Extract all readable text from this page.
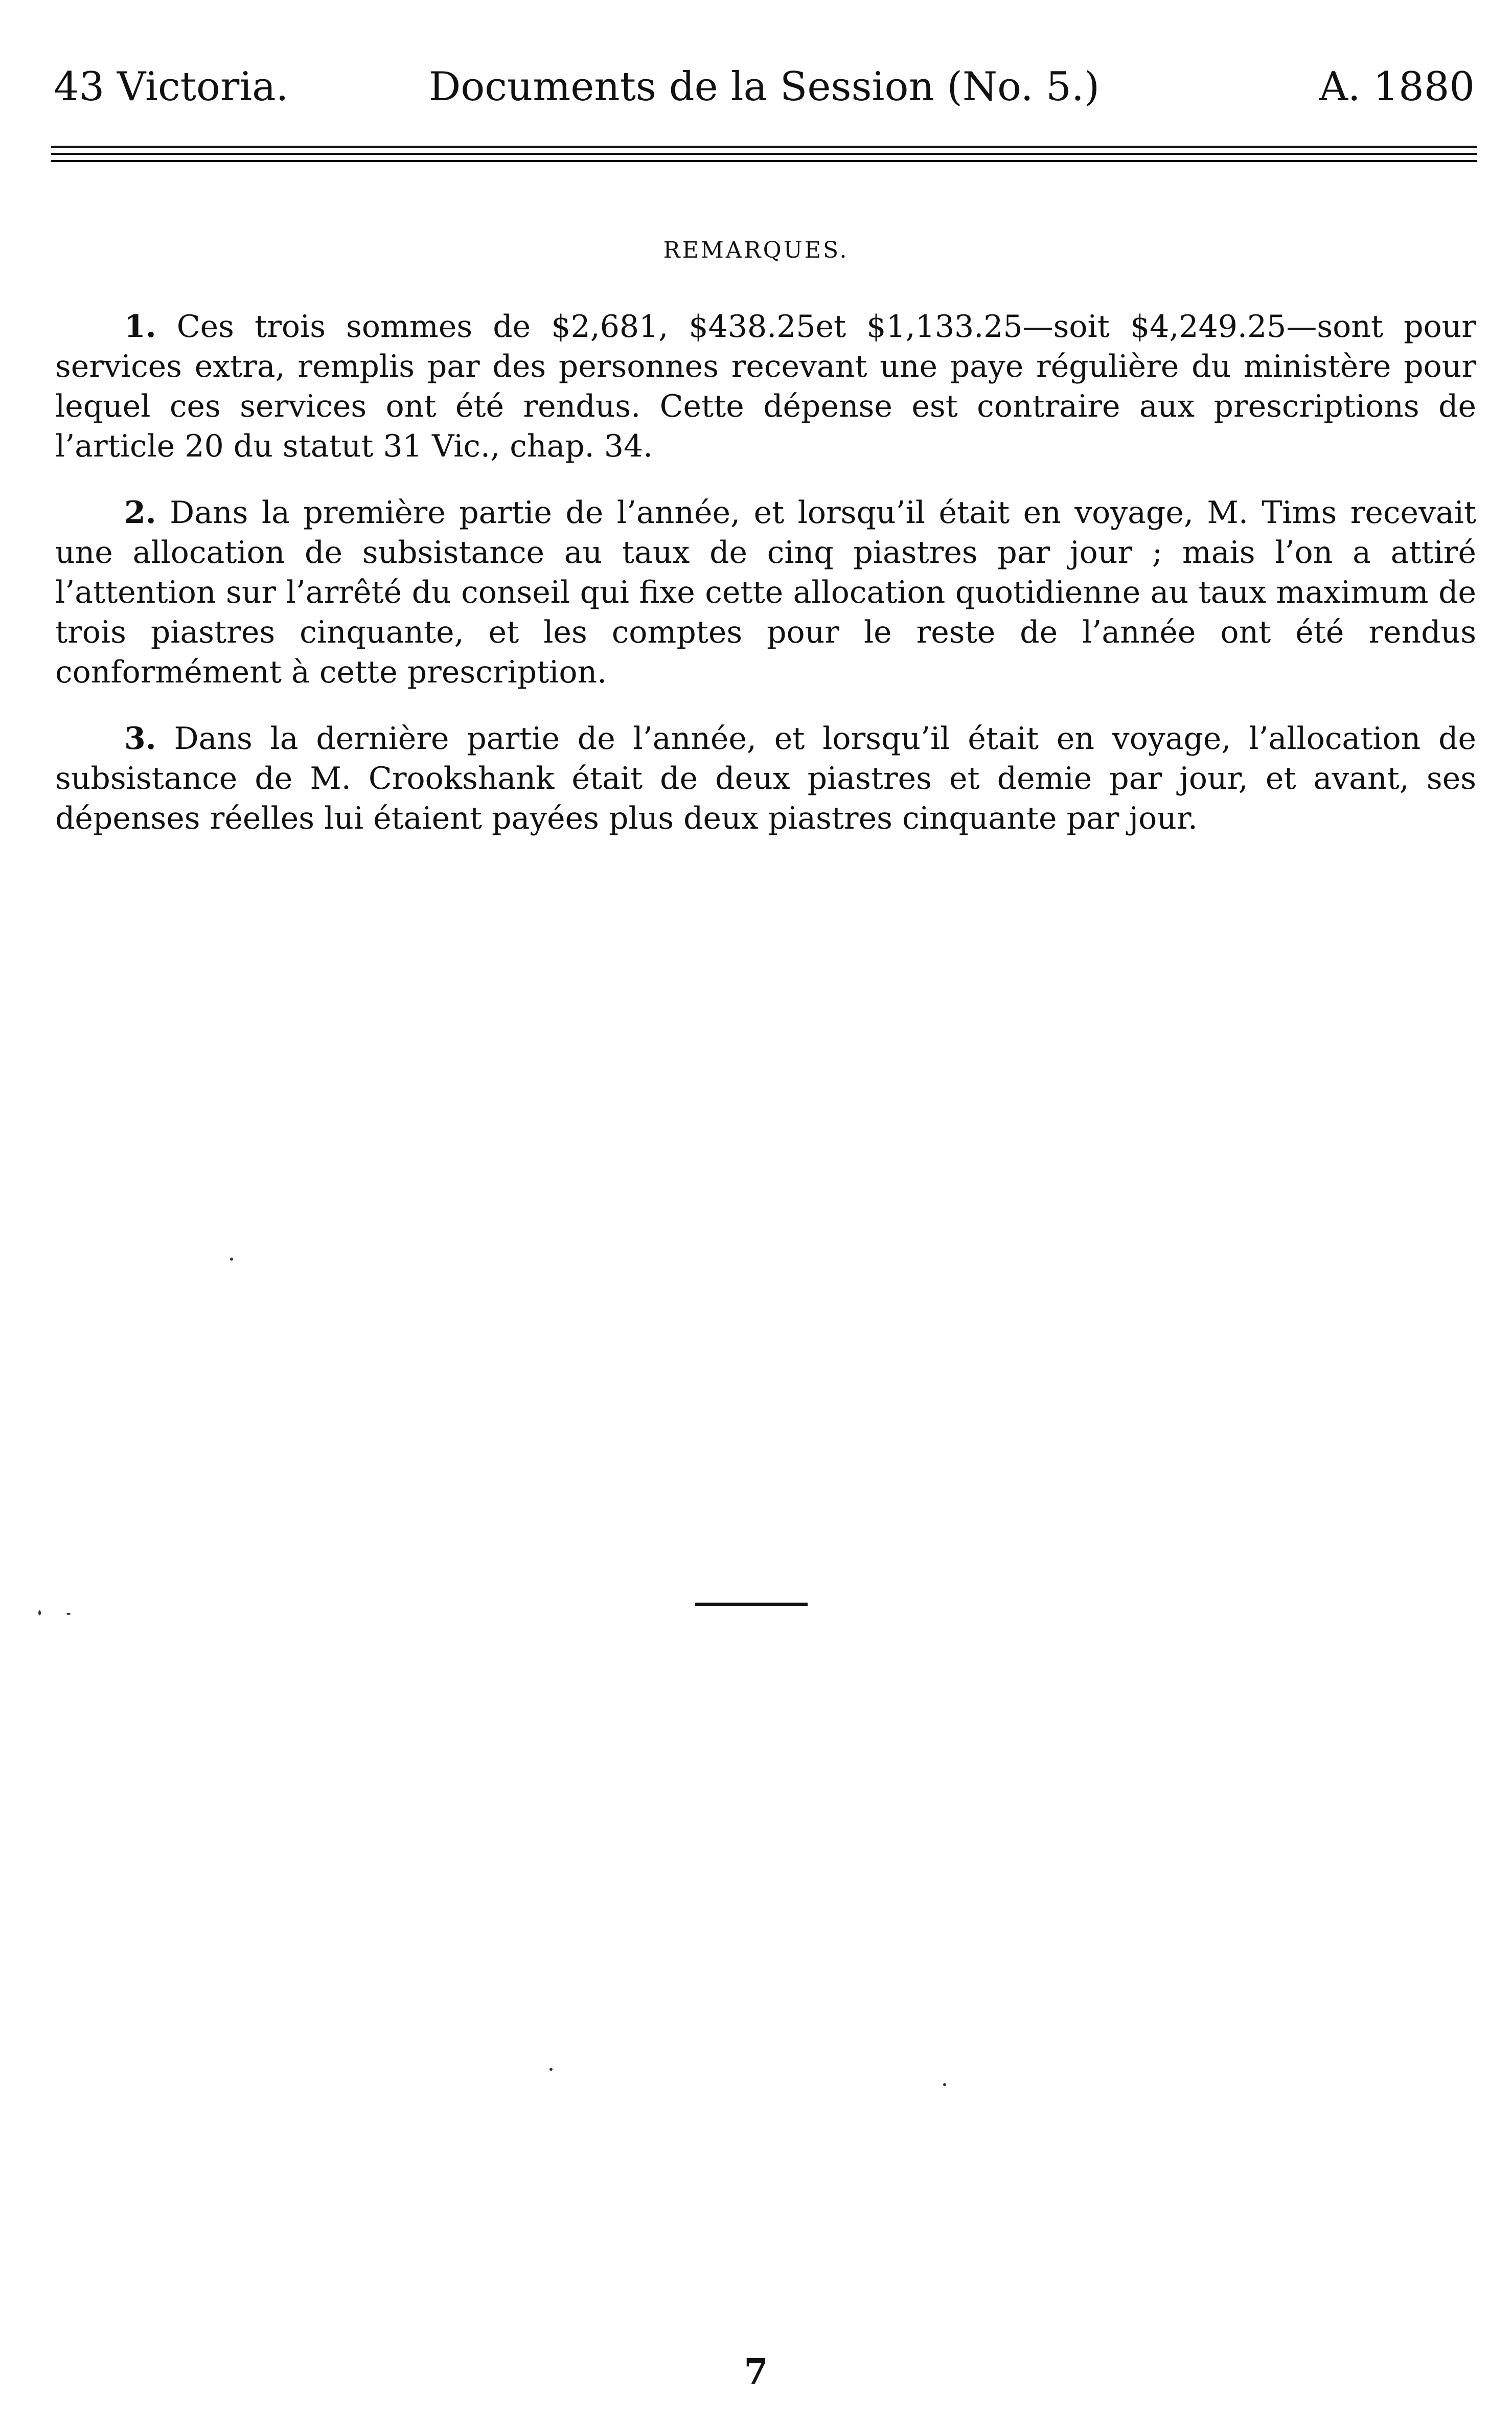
43 Victoria.	Documents de la Session (No. 5.)	A. 1880
REMARQUES.

1. Ces trois sommes de $2,681, $438.25et $1,133.25—soit $4,249.25—sont pour services extra, remplis par des personnes recevant une paye régulière du ministère pour lequel ces services ont été rendus. Cette dépense est contraire aux prescriptions de l’article 20 du statut 31 Vic., chap. 34.

2. Dans la première partie de l’année, et lorsqu’il était en voyage, M. Tims recevait une allocation de subsistance au taux de cinq piastres par jour ; mais l’on a attiré l’attention sur l’arrêté du conseil qui fixe cette allocation quotidienne au taux maximum de trois piastres cinquante, et les comptes pour le reste de l’année ont été rendus conformément à cette prescription.

3. Dans la dernière partie de l’année, et lorsqu’il était en voyage, l’allocation de subsistance de M. Crookshank était de deux piastres et demie par jour, et avant, ses dépenses réelles lui étaient payées plus deux piastres cinquante par jour.

7
